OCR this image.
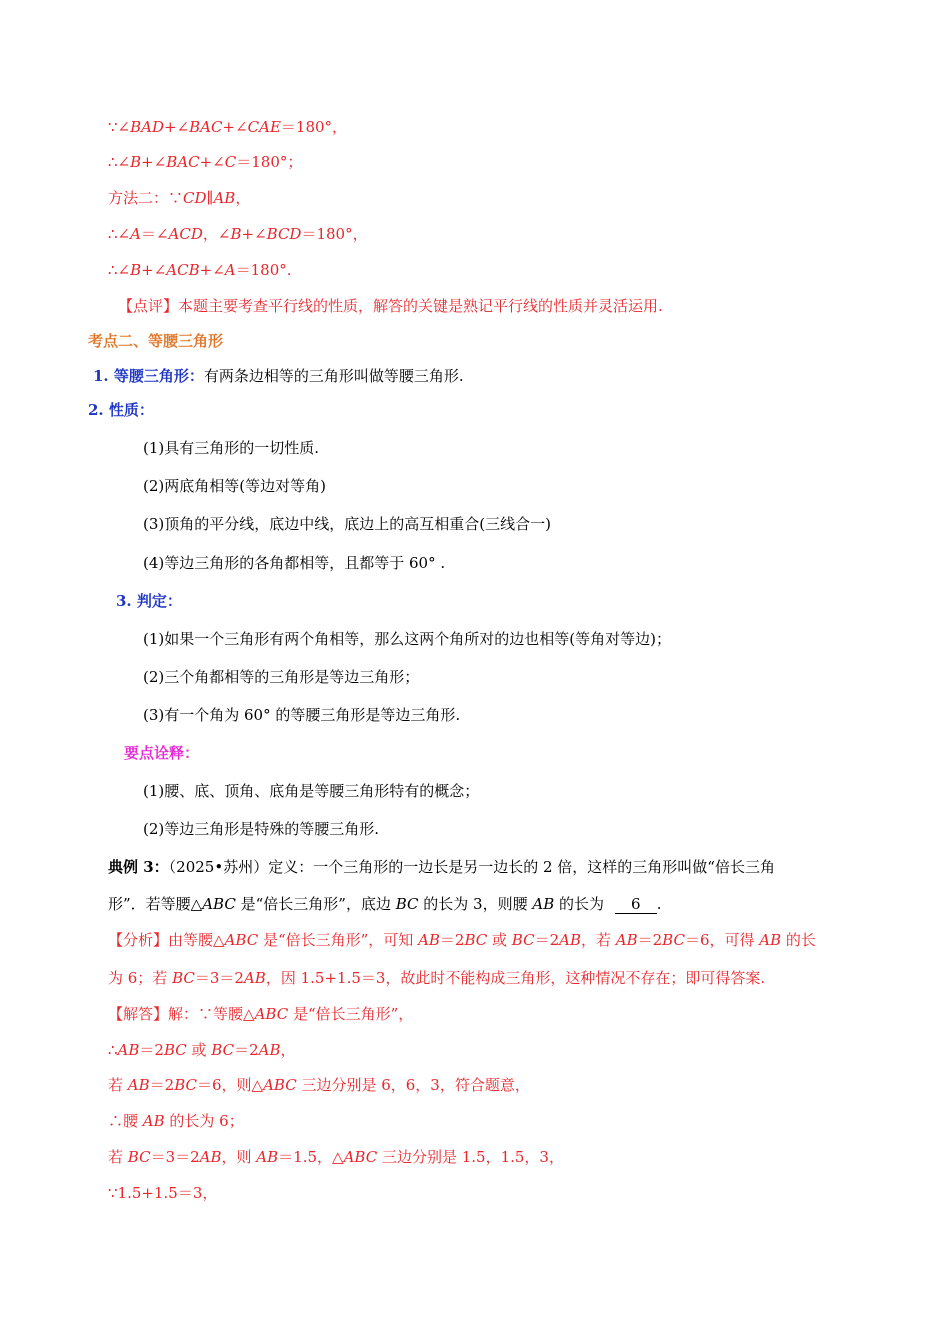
∵∠BAD+∠BAC+∠CAE＝180°，
∴∠B+∠BAC+∠C＝180°；
方法二：∵CD∥AB，
∴∠A＝∠ACD，∠B+∠BCD＝180°，
∴∠B+∠ACB+∠A＝180°.
【点评】本题主要考查平行线的性质，解答的关键是熟记平行线的性质并灵活运用.
考点二、等腰三角形
1. 等腰三角形：有两条边相等的三角形叫做等腰三角形.
2. 性质：
(1)具有三角形的一切性质.
(2)两底角相等(等边对等角)
(3)顶角的平分线，底边中线，底边上的高互相重合(三线合一)
(4)等边三角形的各角都相等，且都等于 60° .
3. 判定：
(1)如果一个三角形有两个角相等，那么这两个角所对的边也相等(等角对等边)；
(2)三个角都相等的三角形是等边三角形；
(3)有一个角为 60° 的等腰三角形是等边三角形.
要点诠释：
(1)腰、底、顶角、底角是等腰三角形特有的概念；
(2)等边三角形是特殊的等腰三角形.
典例 3：（2025•苏州）定义：一个三角形的一边长是另一边长的 2 倍，这样的三角形叫做“倍长三角
形”．若等腰△ABC 是“倍长三角形”，底边 BC 的长为 3，则腰 AB 的长为 6 .
【分析】由等腰△ABC 是“倍长三角形”，可知 AB＝2BC 或 BC＝2AB，若 AB＝2BC＝6，可得 AB 的长
为 6；若 BC＝3＝2AB，因 1.5+1.5＝3，故此时不能构成三角形，这种情况不存在；即可得答案.
【解答】解：∵等腰△ABC 是“倍长三角形”，
∴AB＝2BC 或 BC＝2AB，
若 AB＝2BC＝6，则△ABC 三边分别是 6，6，3，符合题意，
∴腰 AB 的长为 6；
若 BC＝3＝2AB，则 AB＝1.5，△ABC 三边分别是 1.5，1.5，3，
∵1.5+1.5＝3，
